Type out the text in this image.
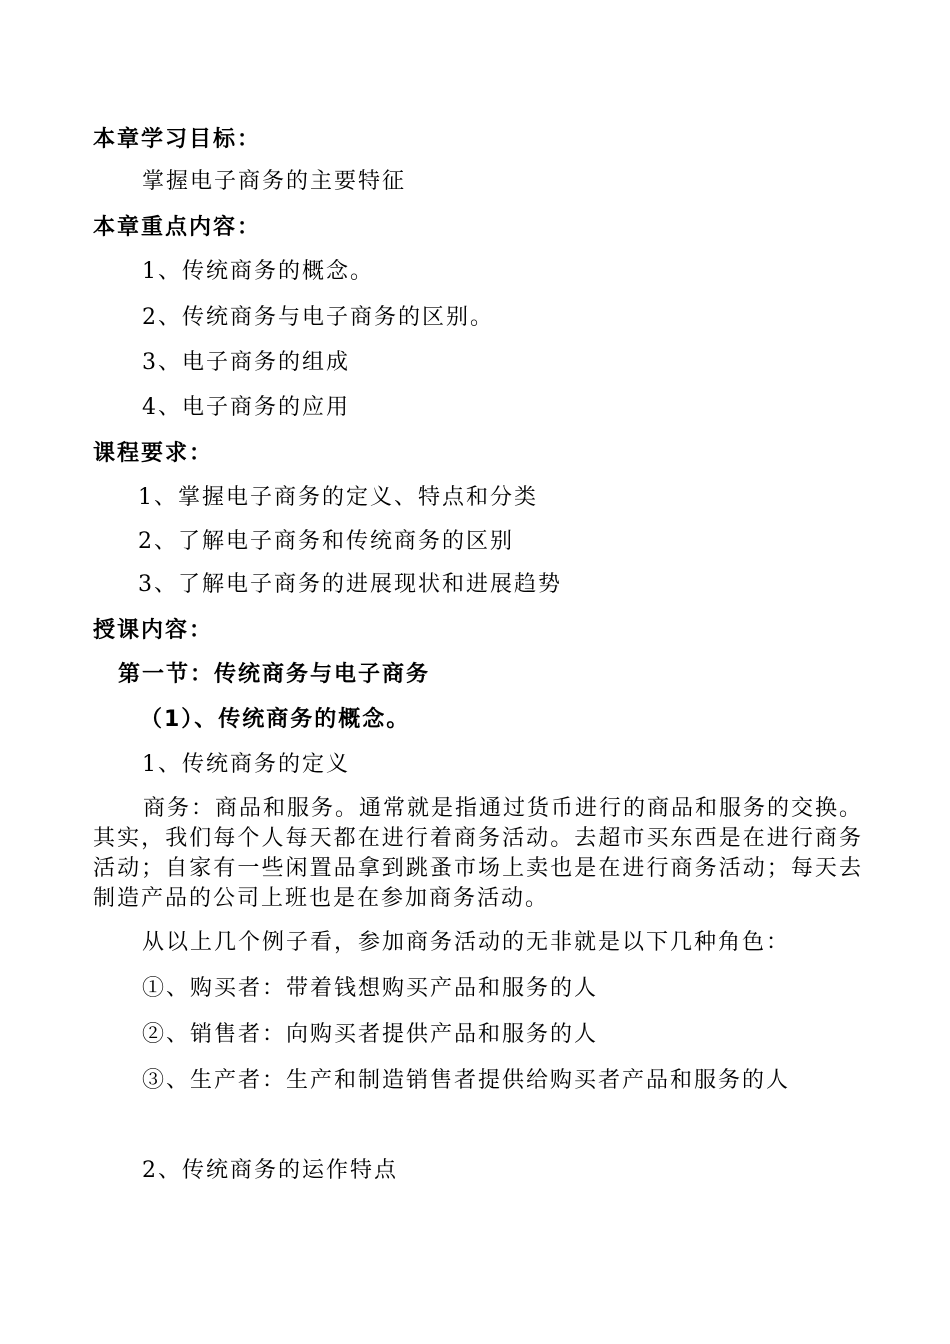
本章学习目标：
掌握电子商务的主要特征
本章重点内容：
1、传统商务的概念。
2、传统商务与电子商务的区别。
3、电子商务的组成
4、电子商务的应用
课程要求：
1、掌握电子商务的定义、特点和分类
2、了解电子商务和传统商务的区别
3、了解电子商务的进展现状和进展趋势
授课内容：
第一节：传统商务与电子商务
（1）、传统商务的概念。
1、传统商务的定义
商务：商品和服务。通常就是指通过货币进行的商品和服务的交换。其实，我们每个人每天都在进行着商务活动。去超市买东西是在进行商务活动；自家有一些闲置品拿到跳蚤市场上卖也是在进行商务活动；每天去制造产品的公司上班也是在参加商务活动。
从以上几个例子看，参加商务活动的无非就是以下几种角色：
①、购买者：带着钱想购买产品和服务的人
②、销售者：向购买者提供产品和服务的人
③、生产者：生产和制造销售者提供给购买者产品和服务的人
2、传统商务的运作特点
